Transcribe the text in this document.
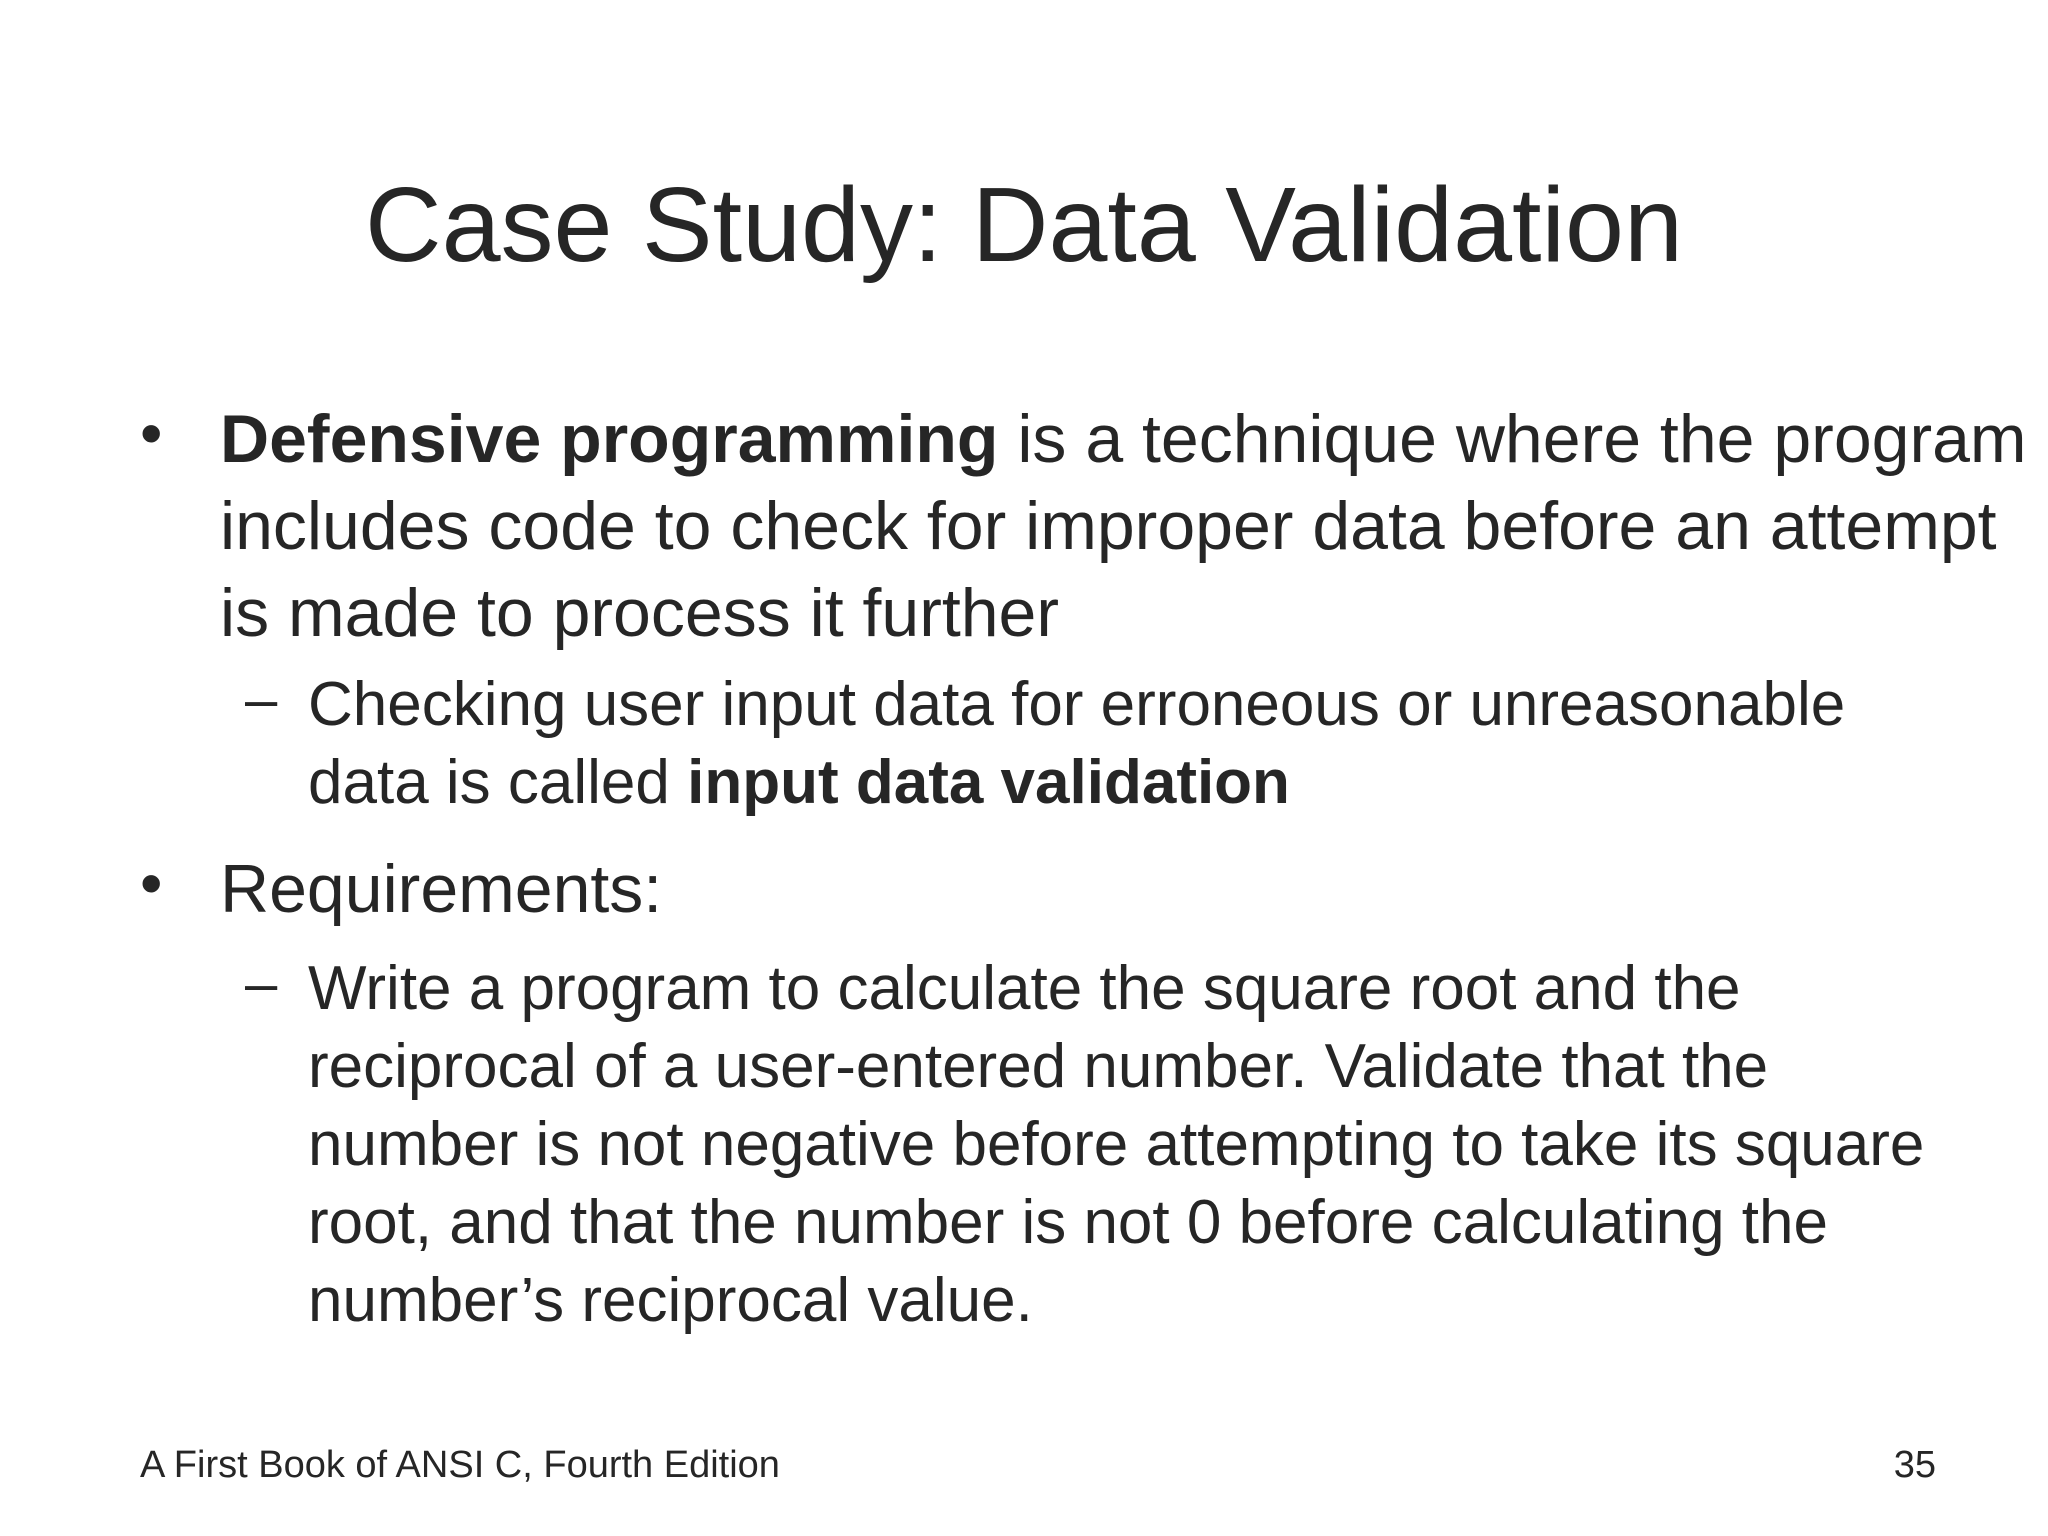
Case Study: Data Validation
• Defensive programming is a technique where the program includes code to check for improper data before an attempt is made to process it further
– Checking user input data for erroneous or unreasonable data is called input data validation
• Requirements:
– Write a program to calculate the square root and the reciprocal of a user-entered number. Validate that the number is not negative before attempting to take its square root, and that the number is not 0 before calculating the number’s reciprocal value.
A First Book of ANSI C, Fourth Edition	35
